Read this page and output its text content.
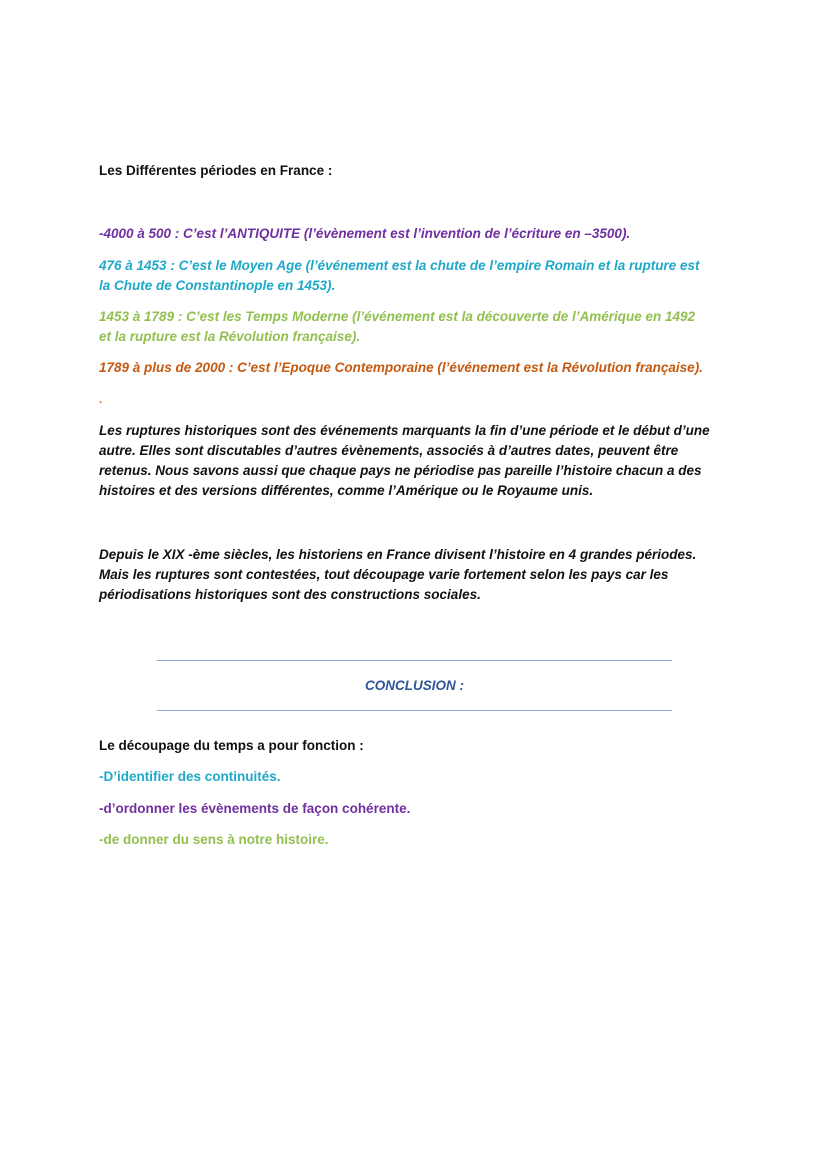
Les Différentes périodes en France :
-4000 à 500 : C’est l’ANTIQUITE (l’évènement est l’invention de l’écriture en –3500).
476 à 1453 : C’est le Moyen Age (l’événement est la chute de l’empire Romain et la rupture est
la Chute de Constantinople en 1453).
1453 à 1789 : C’est les Temps Moderne (l’événement est la découverte de l’Amérique en 1492
et la rupture est la Révolution française).
1789 à plus de 2000 : C’est l’Epoque Contemporaine (l’événement est la Révolution française).
.
Les ruptures historiques sont des événements marquants la fin d’une période et le début d’une
autre. Elles sont discutables d’autres évènements, associés à d’autres dates, peuvent être
retenus. Nous savons aussi que chaque pays ne périodise pas pareille l’histoire chacun a des
histoires et des versions différentes, comme l’Amérique ou le Royaume unis.
Depuis le XIX -ème siècles, les historiens en France divisent l’histoire en 4 grandes périodes.
Mais les ruptures sont contestées, tout découpage varie fortement selon les pays car les
périodisations historiques sont des constructions sociales.
CONCLUSION :
Le découpage du temps a pour fonction :
-D’identifier des continuités.
-d’ordonner les évènements de façon cohérente.
-de donner du sens à notre histoire.
